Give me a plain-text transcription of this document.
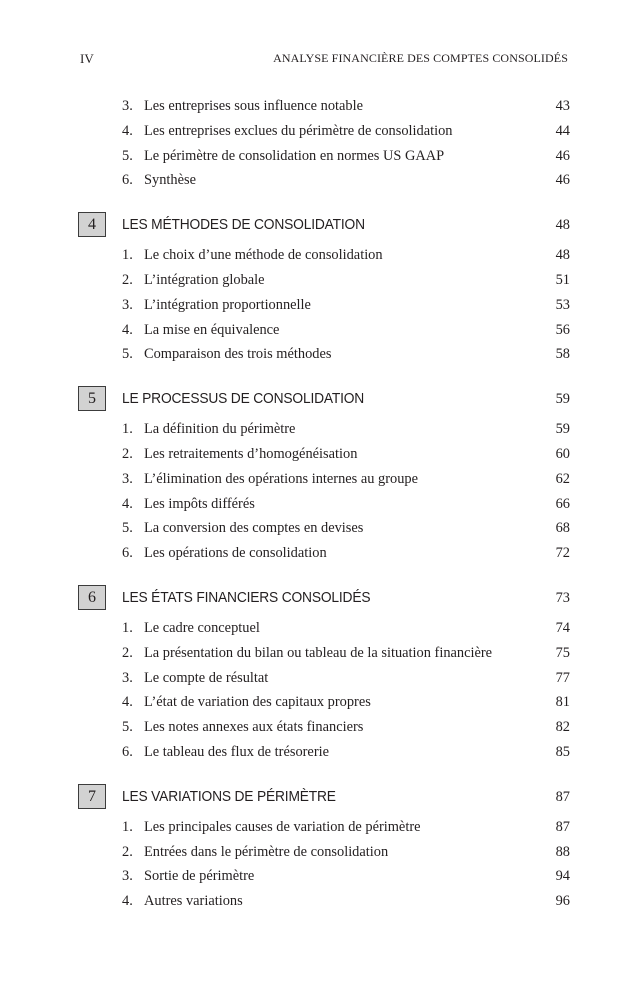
IV	ANALYSE FINANCIÈRE DES COMPTES CONSOLIDÉS
3. Les entreprises sous influence notable	43
4. Les entreprises exclues du périmètre de consolidation	44
5. Le périmètre de consolidation en normes US GAAP	46
6. Synthèse	46
4	LES MÉTHODES DE CONSOLIDATION	48
1. Le choix d’une méthode de consolidation	48
2. L’intégration globale	51
3. L’intégration proportionnelle	53
4. La mise en équivalence	56
5. Comparaison des trois méthodes	58
5	LE PROCESSUS DE CONSOLIDATION	59
1. La définition du périmètre	59
2. Les retraitements d’homogénéisation	60
3. L’élimination des opérations internes au groupe	62
4. Les impôts différés	66
5. La conversion des comptes en devises	68
6. Les opérations de consolidation	72
6	LES ÉTATS FINANCIERS CONSOLIDÉS	73
1. Le cadre conceptuel	74
2. La présentation du bilan ou tableau de la situation financière	75
3. Le compte de résultat	77
4. L’état de variation des capitaux propres	81
5. Les notes annexes aux états financiers	82
6. Le tableau des flux de trésorerie	85
7	LES VARIATIONS DE PÉRIMÈTRE	87
1. Les principales causes de variation de périmètre	87
2. Entrées dans le périmètre de consolidation	88
3. Sortie de périmètre	94
4. Autres variations	96
